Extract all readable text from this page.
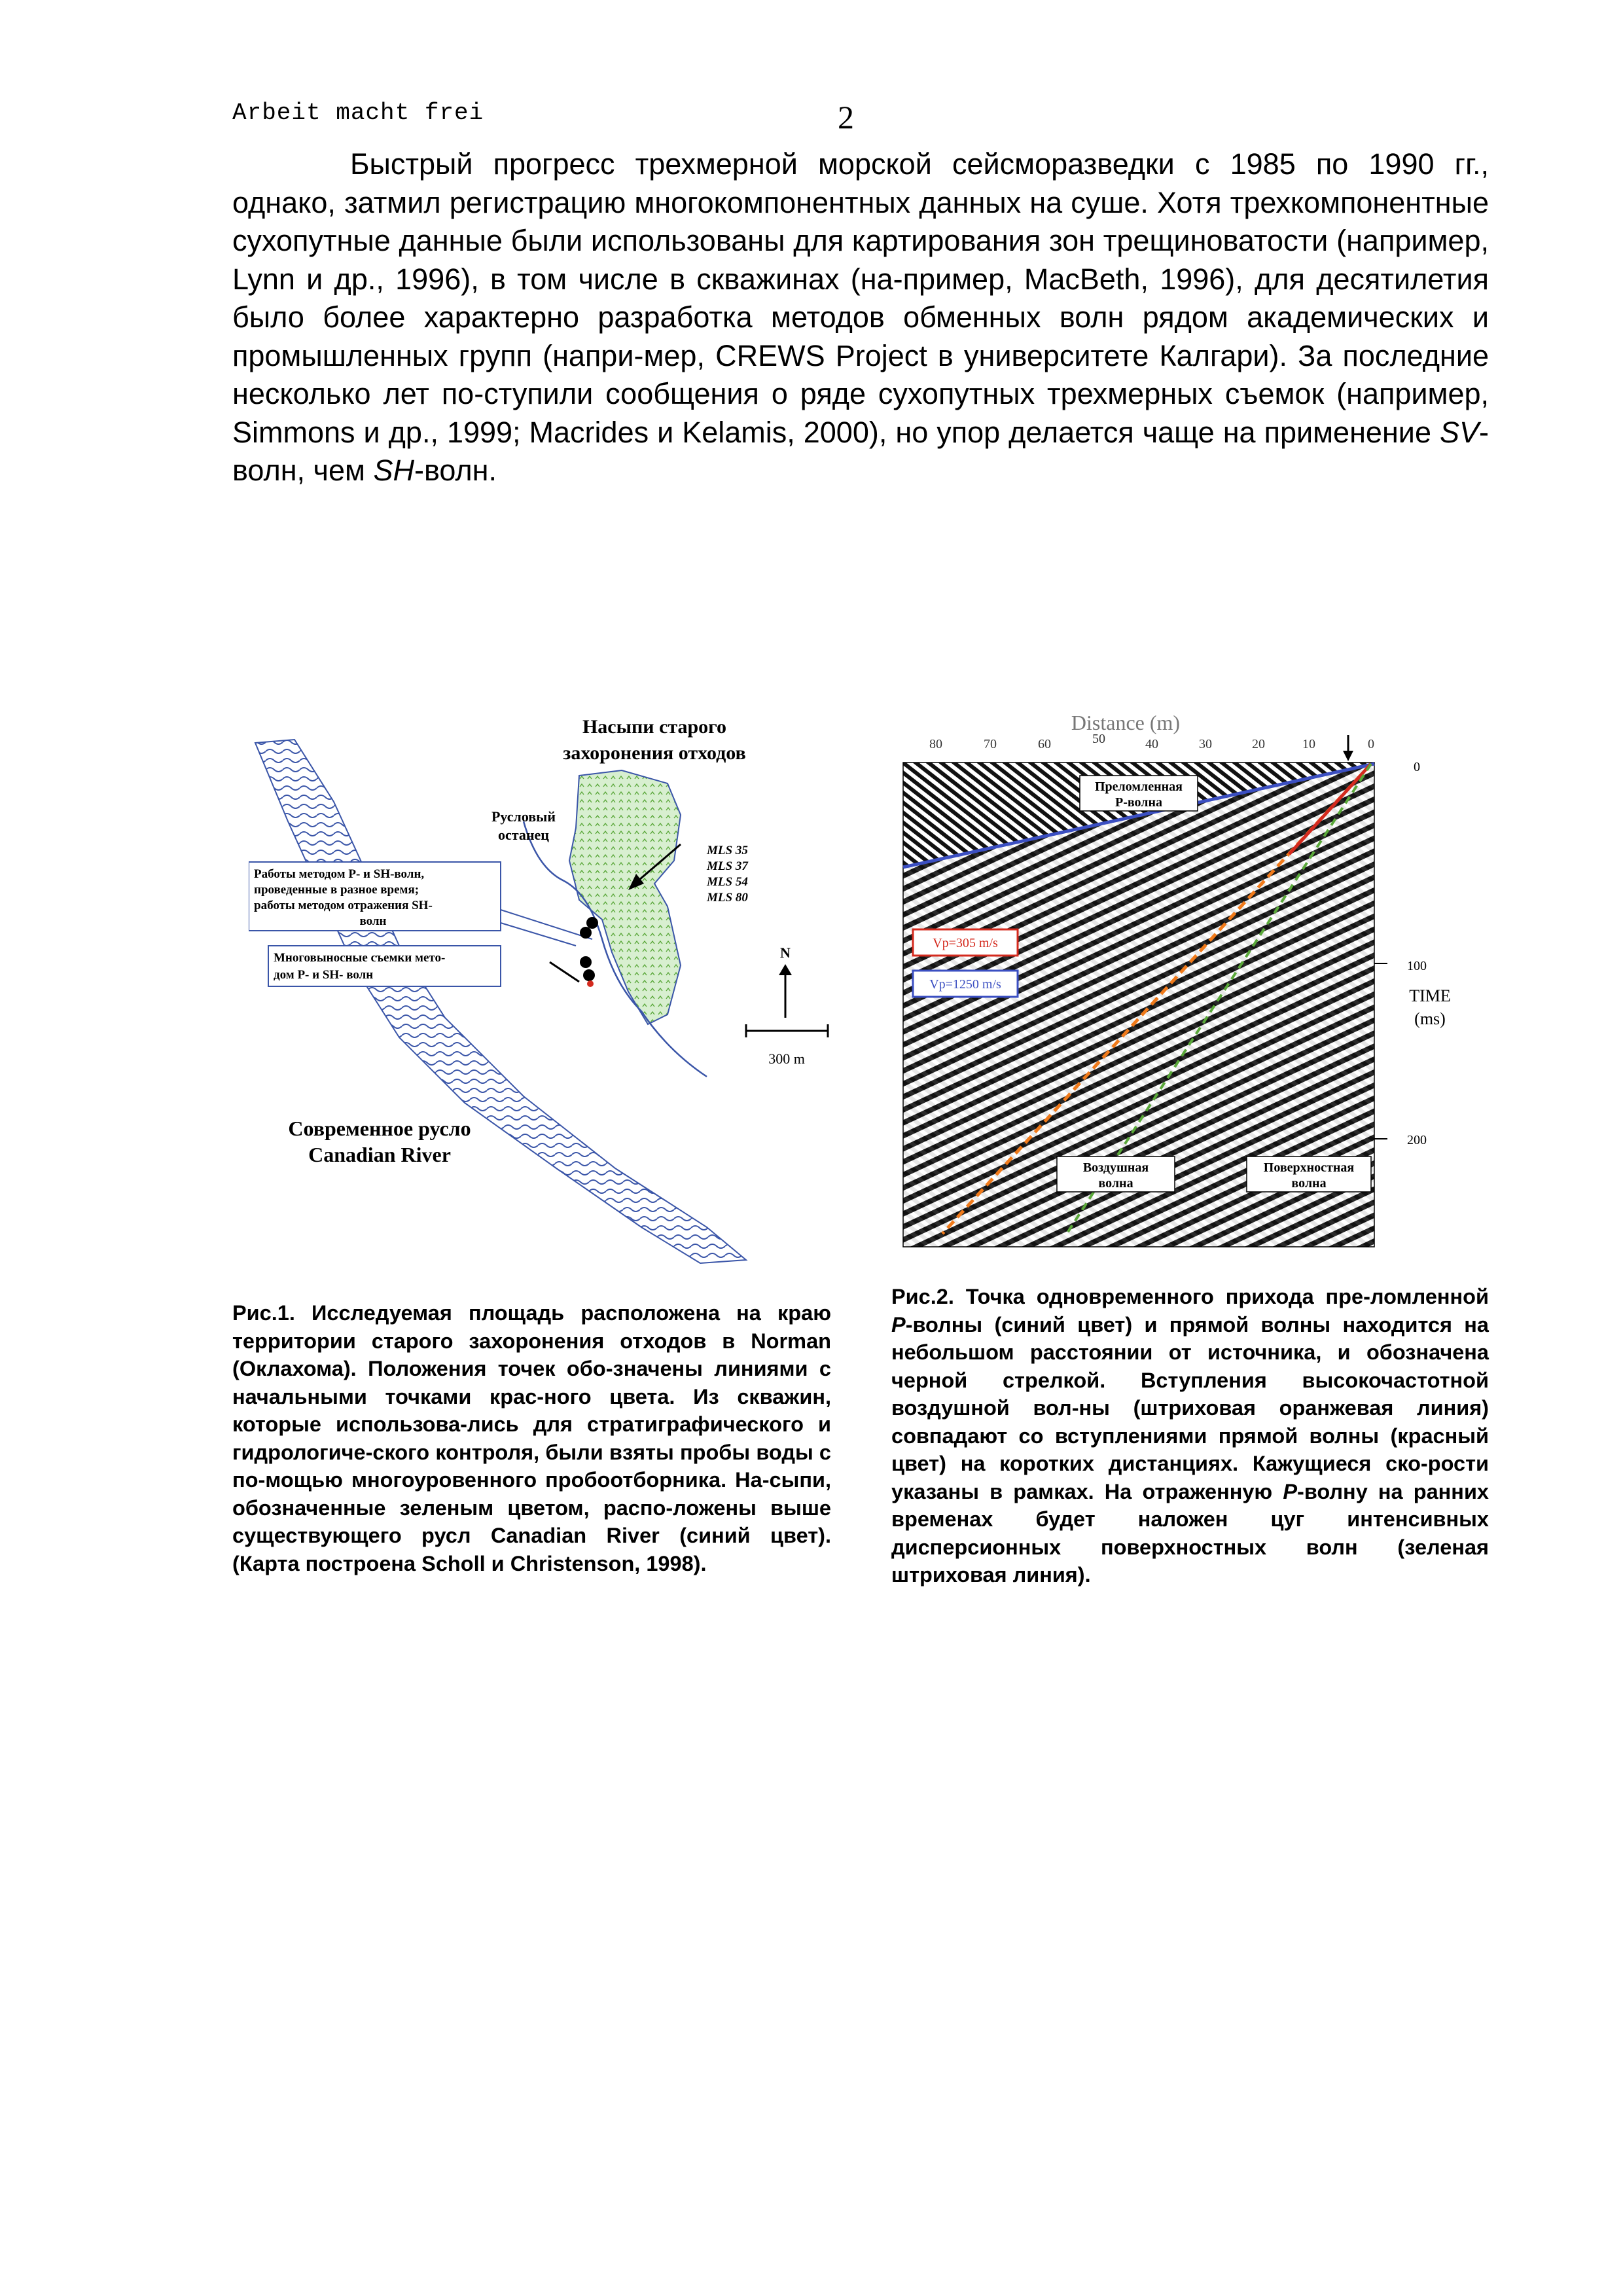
Arbeit macht frei	2

Быстрый прогресс трехмерной морской сейсморазведки с 1985 по 1990 гг., однако, затмил регистрацию многокомпонентных данных на суше. Хотя трехкомпонентные сухопутные данные были использованы для картирования зон трещиноватости (например, Lynn и др., 1996), в том числе в скважинах (на-пример, MacBeth, 1996), для десятилетия было более характерно разработка методов обменных волн рядом академических и промышленных групп (напри-мер, CREWS Project в университете Калгари). За последние несколько лет по-ступили сообщения о ряде сухопутных трехмерных съемок (например, Simmons и др., 1999; Macrides и Kelamis, 2000), но упор делается чаще на применение SV-волн, чем SH-волн.

Насыпи старого
захоронения отходов
Русловый
останец
Работы методом P- и SH-волн,
проведенные в разное время;
работы методом отражения SH-
волн
Многовыносные съемки мето-
дом P- и SH- волн
MLS 35
MLS 37
MLS 54
MLS 80
N
300 m
Современное русло
Canadian River
Distance (m)
80	70	60	50	40	30	20	10	0
Преломленная
P-волна
Vp=305 m/s
Vp=1250 m/s
Воздушная
волна
Поверхностная
волна
0
100
200
TIME
(ms)

Рис.1. Исследуемая площадь расположена на краю территории старого захоронения отходов в Norman (Оклахома). Положения точек обо-значены линиями с начальными точками крас-ного цвета. Из скважин, которые использова-лись для стратиграфического и гидрологиче-ского контроля, были взяты пробы воды с по-мощью многоуровенного пробоотборника. На-сыпи, обозначенные зеленым цветом, распо-ложены выше существующего русл Canadian River (синий цвет). (Карта построена Scholl и Christenson, 1998).

Рис.2. Точка одновременного прихода пре-ломленной P-волны (синий цвет) и прямой волны находится на небольшом расстоянии от источника, и обозначена черной стрелкой. Вступления высокочастотной воздушной вол-ны (штриховая оранжевая линия) совпадают со вступлениями прямой волны (красный цвет) на коротких дистанциях. Кажущиеся ско-рости указаны в рамках. На отраженную P-волну на ранних временах будет наложен цуг интенсивных дисперсионных поверхностных волн (зеленая штриховая линия).
